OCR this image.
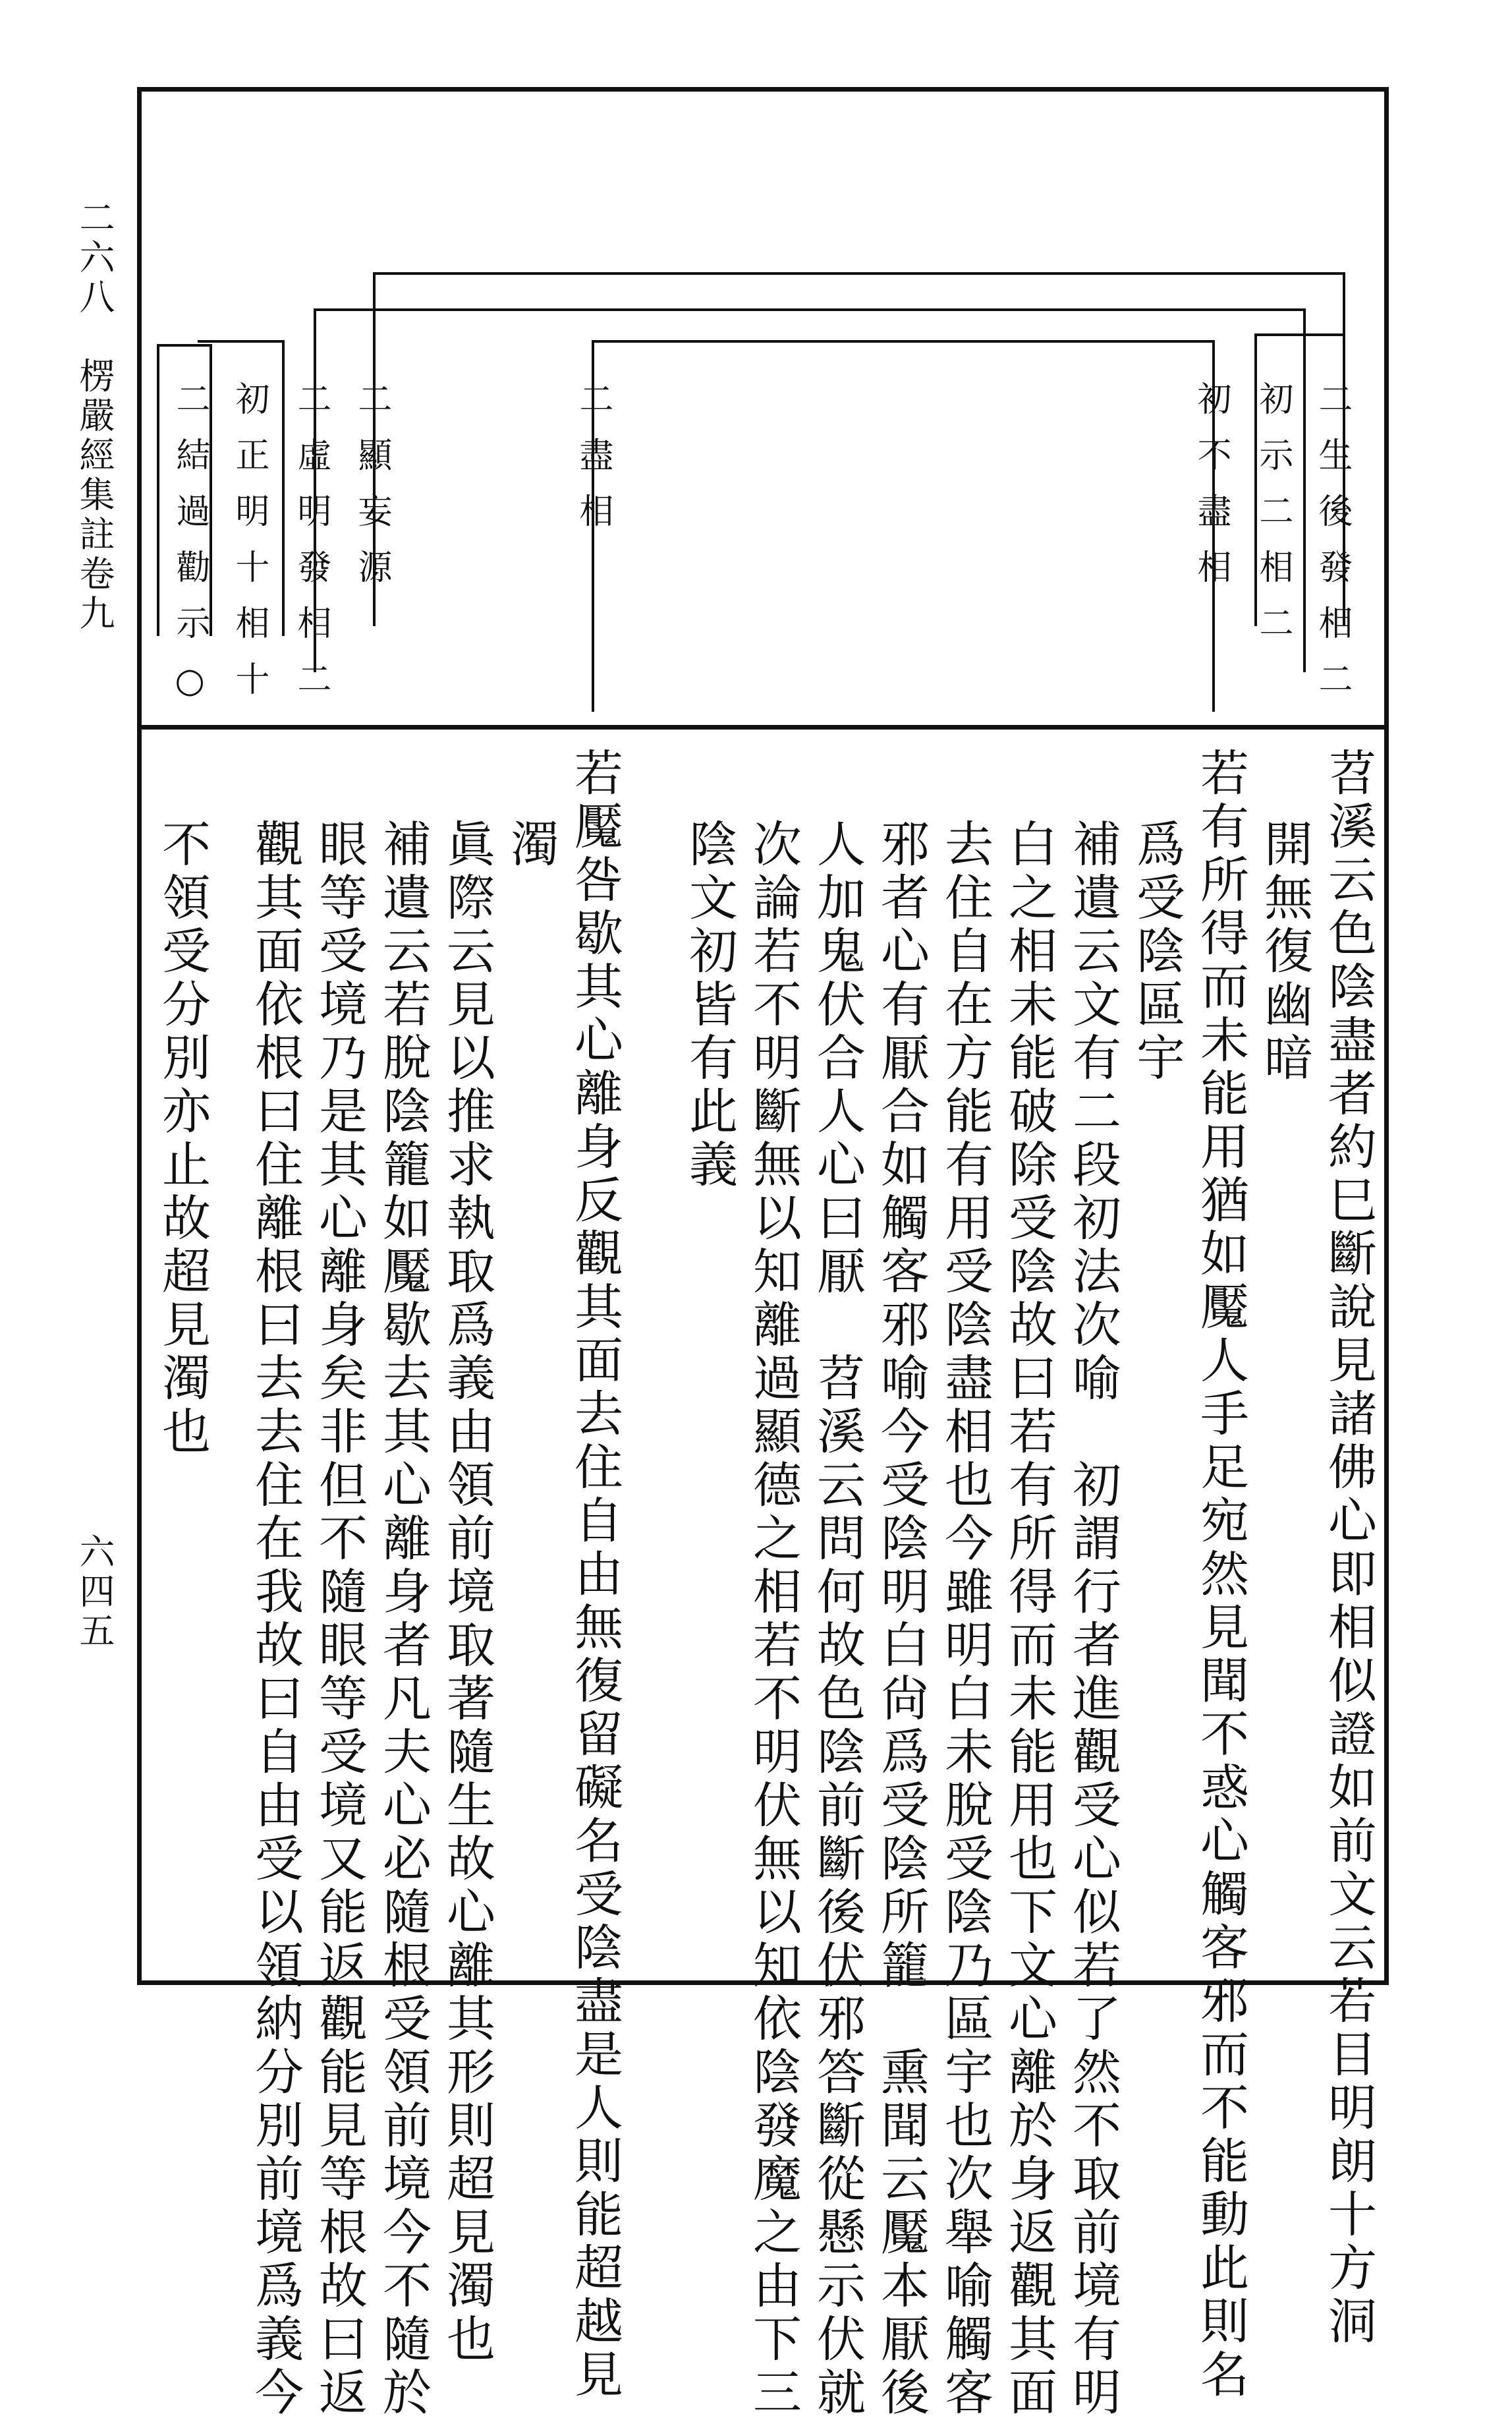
二六八　楞嚴經集註卷九
六四五
二生後發相二
初示二相二
初不盡相
二盡相
二顯妄源
二虛明發相二
初正明十相十
二結過勸示○
苕溪云色陰盡者約巳斷說見諸佛心即相似證如前文云若目明朗十方洞
開無復幽暗
若有所得而未能用猶如魘人手足宛然見聞不惑心觸客邪而不能動此則名
爲受陰區宇
補遺云文有二段初法次喻　初謂行者進觀受心似若了然不取前境有明
白之相未能破除受陰故曰若有所得而未能用也下文心離於身返觀其面
去住自在方能有用受陰盡相也今雖明白未脫受陰乃區宇也次舉喻觸客
邪者心有厭合如觸客邪喻今受陰明白尙爲受陰所籠　熏聞云魘本厭後
人加鬼伏合人心曰厭　苕溪云問何故色陰前斷後伏邪答斷從懸示伏就
次論若不明斷無以知離過顯德之相若不明伏無以知依陰發魔之由下三
陰文初皆有此義
若魘咎歇其心離身反觀其面去住自由無復留礙名受陰盡是人則能超越見
濁
眞際云見以推求執取爲義由領前境取著隨生故心離其形則超見濁也
補遺云若脫陰籠如魘歇去其心離身者凡夫心必隨根受領前境今不隨於
眼等受境乃是其心離身矣非但不隨眼等受境又能返觀能見等根故曰返
觀其面依根曰住離根曰去去住在我故曰自由受以領納分別前境爲義今
不領受分別亦止故超見濁也
